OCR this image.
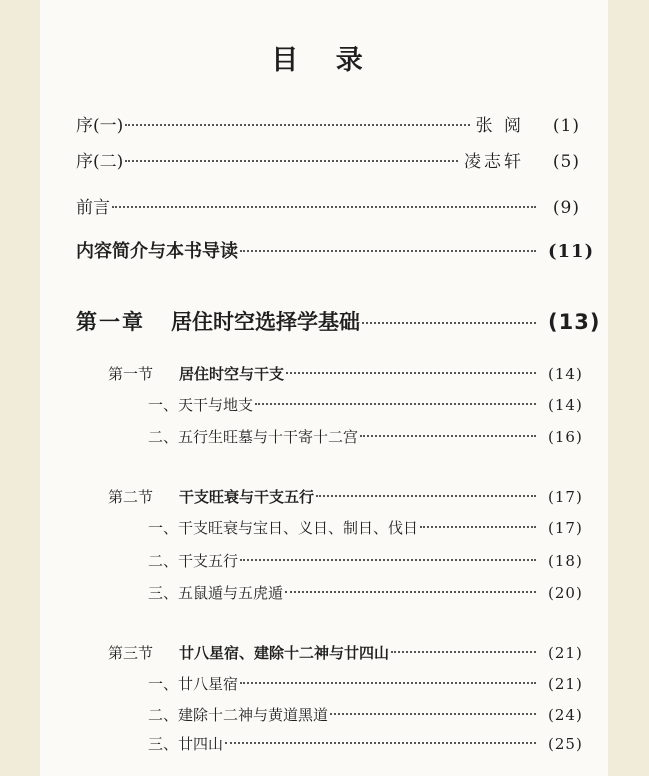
目 录
序(一)	张 阅 (1)
序(二)	凌志轩 (5)
前言	(9)
内容简介与本书导读	(11)
第一章 居住时空选择学基础	(13)
第一节 居住时空与干支	(14)
一、天干与地支	(14)
二、五行生旺墓与十干寄十二宫	(16)
第二节 干支旺衰与干支五行	(17)
一、干支旺衰与宝日、义日、制日、伐日	(17)
二、干支五行	(18)
三、五鼠遁与五虎遁	(20)
第三节 廿八星宿、建除十二神与廿四山	(21)
一、廿八星宿	(21)
二、建除十二神与黄道黑道	(24)
三、廿四山	(25)
